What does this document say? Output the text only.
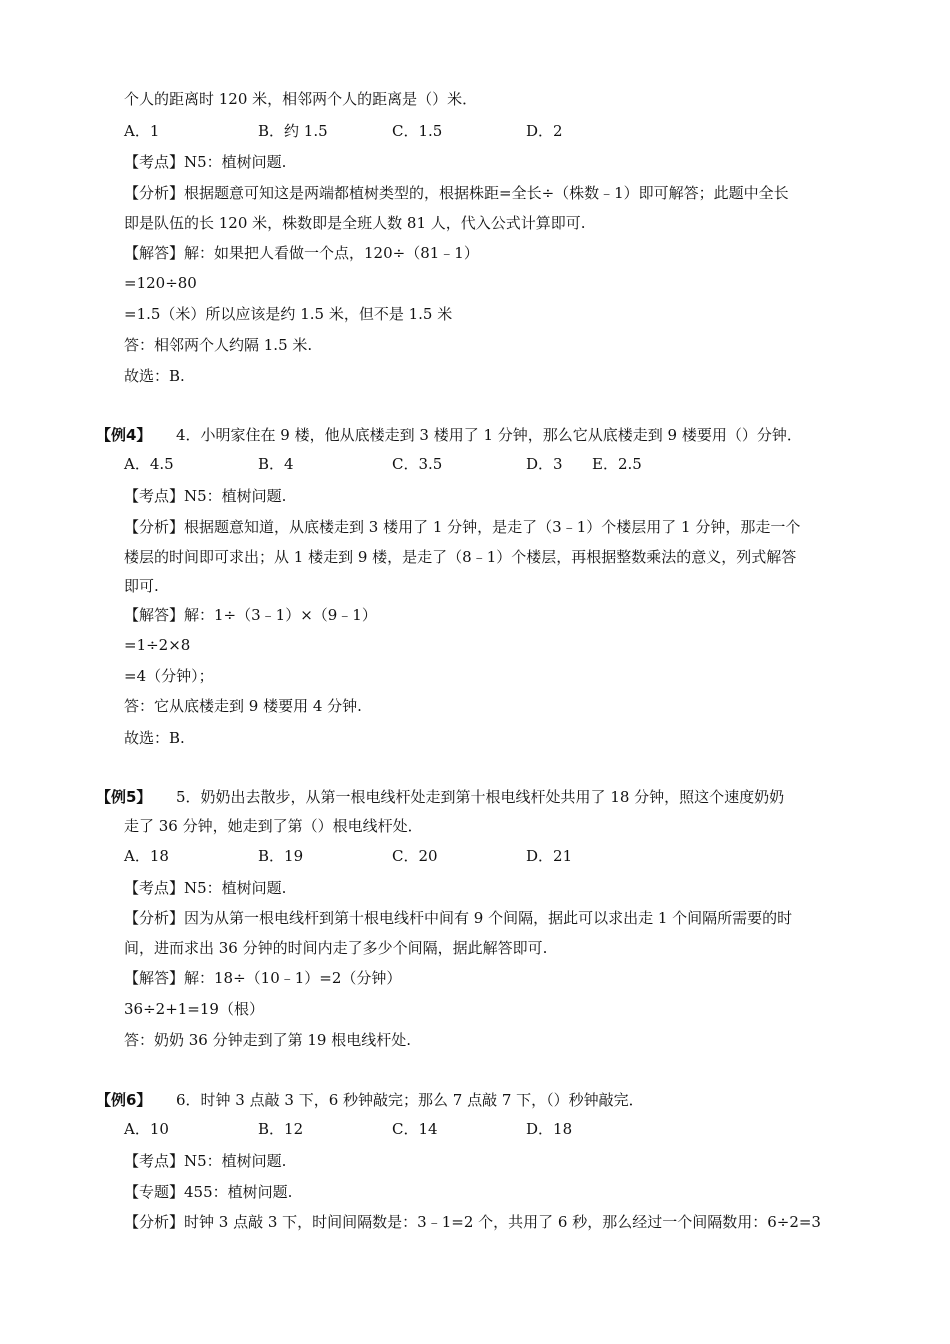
个人的距离时 120 米，相邻两个人的距离是（）米．
A．1	B．约 1.5	C．1.5	D．2
【考点】N5：植树问题.
【分析】根据题意可知这是两端都植树类型的，根据株距=全长÷（株数﹣1）即可解答；此题中全长
即是队伍的长 120 米，株数即是全班人数 81 人，代入公式计算即可.
【解答】解：如果把人看做一个点，120÷（81﹣1）
=120÷80
=1.5（米）所以应该是约 1.5 米，但不是 1.5 米
答：相邻两个人约隔 1.5 米.
故选：B.
【例4】 4．小明家住在 9 楼，他从底楼走到 3 楼用了 1 分钟，那么它从底楼走到 9 楼要用（）分钟．
A．4.5	B．4	C．3.5	D．3 E．2.5
【考点】N5：植树问题.
【分析】根据题意知道，从底楼走到 3 楼用了 1 分钟，是走了（3﹣1）个楼层用了 1 分钟，那走一个
楼层的时间即可求出；从 1 楼走到 9 楼，是走了（8﹣1）个楼层，再根据整数乘法的意义，列式解答
即可.
【解答】解：1÷（3﹣1）×（9﹣1）
=1÷2×8
=4（分钟）；
答：它从底楼走到 9 楼要用 4 分钟.
故选：B.
【例5】 5．奶奶出去散步，从第一根电线杆处走到第十根电线杆处共用了 18 分钟，照这个速度奶奶
走了 36 分钟，她走到了第（）根电线杆处．
A．18	B．19	C．20	D．21
【考点】N5：植树问题.
【分析】因为从第一根电线杆到第十根电线杆中间有 9 个间隔，据此可以求出走 1 个间隔所需要的时
间，进而求出 36 分钟的时间内走了多少个间隔，据此解答即可.
【解答】解：18÷（10﹣1）=2（分钟）
36÷2+1=19（根）
答：奶奶 36 分钟走到了第 19 根电线杆处.
【例6】 6．时钟 3 点敲 3 下，6 秒钟敲完；那么 7 点敲 7 下，（）秒钟敲完．
A．10	B．12	C．14	D．18
【考点】N5：植树问题.
【专题】455：植树问题.
【分析】时钟 3 点敲 3 下，时间间隔数是：3﹣1=2 个，共用了 6 秒，那么经过一个间隔数用：6÷2=3
